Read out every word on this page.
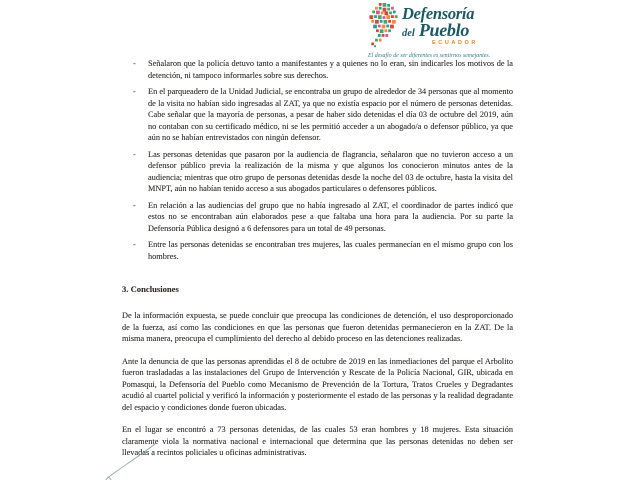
Defensoría
del Pueblo
ECUADOR
El desafío de ser diferentes es sentirnos semejantes.
-	Señalaron que la policía detuvo tanto a manifestantes y a quienes no lo eran, sin indicarles los motivos de la detención, ni tampoco informarles sobre sus derechos.
-	En el parqueadero de la Unidad Judicial, se encontraba un grupo de alrededor de 34 personas que al momento de la visita no habían sido ingresadas al ZAT, ya que no existía espacio por el número de personas detenidas. Cabe señalar que la mayoría de personas, a pesar de haber sido detenidas el día 03 de octubre del 2019, aún no contaban con su certificado médico, ni se les permitió acceder a un abogado/a o defensor público, ya que aún no se habían entrevistados con ningún defensor.
-	Las personas detenidas que pasaron por la audiencia de flagrancia, señalaron que no tuvieron acceso a un defensor público previa la realización de la misma y que algunos los conocieron minutos antes de la audiencia; mientras que otro grupo de personas detenidas desde la noche del 03 de octubre, hasta la visita del MNPT, aún no habían tenido acceso a sus abogados particulares o defensores públicos.
-	En relación a las audiencias del grupo que no había ingresado al ZAT, el coordinador de partes indicó que estos no se encontraban aún elaborados pese a que faltaba una hora para la audiencia. Por su parte la Defensoría Pública designó a 6 defensores para un total de 49 personas.
-	Entre las personas detenidas se encontraban tres mujeres, las cuales permanecían en el mismo grupo con los hombres.
3. Conclusiones

De la información expuesta, se puede concluir que preocupa las condiciones de detención, el uso desproporcionado de la fuerza, así como las condiciones en que las personas que fueron detenidas permanecieron en la ZAT. De la misma manera, preocupa el cumplimiento del derecho al debido proceso en las detenciones realizadas.

Ante la denuncia de que las personas aprendidas el 8 de octubre de 2019 en las inmediaciones del parque el Arbolito fueron trasladadas a las instalaciones del Grupo de Intervención y Rescate de la Policía Nacional, GIR, ubicada en Pomasqui, la Defensoría del Pueblo como Mecanismo de Prevención de la Tortura, Tratos Crueles y Degradantes acudió al cuartel policial y verificó la información y posteriormente el estado de las personas y la realidad degradante del espacio y condiciones donde fueron ubicadas.

En el lugar se encontró a 73 personas detenidas, de las cuales 53 eran hombres y 18 mujeres. Esta situación claramente viola la normativa nacional e internacional que determina que las personas detenidas no deben ser llevadas a recintos policiales u oficinas administrativas.
